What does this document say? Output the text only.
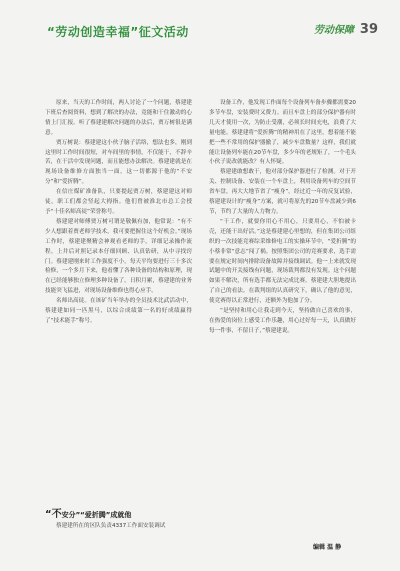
“劳动创造幸福”征文活动	劳动保障 39

原来，当天的工作时间，两人讨论了一个问题，蔡建建下班后查阅资料，想到了解决的办法，竟能和干住激动的心情上门汇报。听了蔡建建解决问题的办法后，贾万树很是满意。

贾万树说：蔡建建这小伙子脑子活络，想法也多，刚到这里时工作时间很短，对车间里的事情，不仅能干，不辞辛苦，在干活中发现问题，而且能想办法解决。蔡建建就是在现场设备维修方面独当一面。这一切都源于他的“不安分”和“爱折腾”。

在信庄煤矿准备队，只要提起贾万树，蔡建建这对师徒，职工们都会竖起大拇指。他们曾被淮北市总工会授予“十佳名师高徒”荣誉称号。

蔡建建对师傅贾万树可谓是敬佩有加，他常说：“有不少人想跟着贾老师学技术，我可要把握住这个好机会。”现场工作时，蔡建建聚精会神观看老师的手，详细记录操作流程。上井后对照记录本仔细回顾、认真钻研，从中寻找窍门。蔡建建刚来时工作强度不小，每天平均要进行三十多次检修，一个多月下来，他看懂了各种设备的结构和原理，现在已经能够独立修理多种设备了。日积月累，蔡建建的业务技能突飞猛进，对现场设备维修也得心应手。

名师出高徒。在该矿当年举办的全员技术比武活动中，蔡建建如同一匹黑马，以综合成绩第一名的好成绩赢得了“技术能手”称号。

“不安分”“爱折腾”成就他
蔡建建所在的区队负责4337工作面安装调试

设备工作，他发现工作面每个设备列车备步骤都需要20多节车盘，安装费时又费力。而且车盘上的部分保护器有时几天才使用一次，为防止受潮，必须长时间充电，浪费了大量电能。蔡建建将“爱折腾”的精神用在了这里，想着能不能把一些不常用的保护器撤了，减少车盘数量？这样，我们就能让设备列车能在20节车盘，多少年的老规矩了，一个毛头小伙子说改就能改？有人怀疑。

蔡建建敢想敢干，他对部分保护器进行了检测。对于开关、控制设备、安装在一个车盘上，利用设备列车的空间节省车盘，再大大地节省了“瘦身”。经过近一年的反复试验，蔡建建设计的“瘦身”方案，就可将原先的20节车盘减少到6节，节约了大量的人力物力。

“干工作，就要你用心不用心，只要用心，不怕被卡壳，还能干出好活。”这是蔡建建心里想的，但在集团公司组织的一次技能竞赛综采维修电工的实操环节中，“爱折腾”的小蔡非常“意志”闯了祸。按照集团公司的竞赛要求，选手需要在规定时间内排除设备故障并接线调试。他一上来就发现试题中的开关接线有问题，现场裁判都没有发现。这个问题如果不解决，所有选手都无法完成比赛。蔡建建大胆地提出了自己的看法。在裁判组的认真研究下，确认了他的意见，使竞赛得以正常进行，还额外为他加了分。

“是坚持和用心让我走到今天，坚持做自己喜欢的事，在热爱的岗位上感受工作乐趣，用心过好每一天，认真做好每一件事，不留日子，”蔡建建说。

编辑 温 静
